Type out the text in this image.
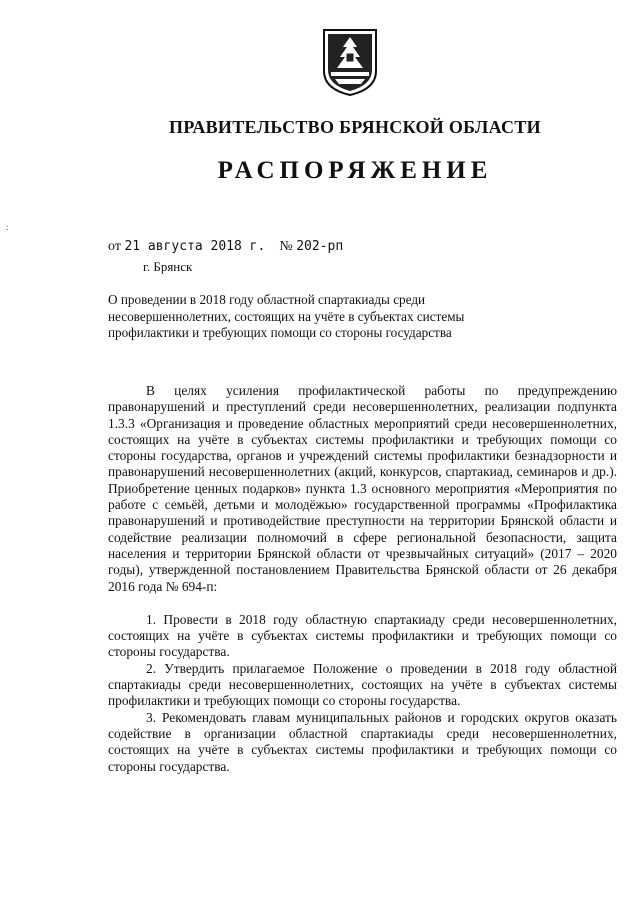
ПРАВИТЕЛЬСТВО БРЯНСКОЙ ОБЛАСТИ
РАСПОРЯЖЕНИЕ
:
от 21 августа 2018 г. № 202-рп
г. Брянск
О проведении в 2018 году областной спартакиады среди несовершеннолетних, состоящих на учёте в субъектах системы профилактики и требующих помощи со стороны государства

В целях усиления профилактической работы по предупреждению правонарушений и преступлений среди несовершеннолетних, реализации подпункта 1.3.3 «Организация и проведение областных мероприятий среди несовершеннолетних, состоящих на учёте в субъектах системы профилактики и требующих помощи со стороны государства, органов и учреждений системы профилактики безнадзорности и правонарушений несовершеннолетних (акций, конкурсов, спартакиад, семинаров и др.). Приобретение ценных подарков» пункта 1.3 основного мероприятия «Мероприятия по работе с семьёй, детьми и молодёжью» государственной программы «Профилактика правонарушений и противодействие преступности на территории Брянской области и содействие реализации полномочий в сфере региональной безопасности, защита населения и территории Брянской области от чрезвычайных ситуаций» (2017 – 2020 годы), утвержденной постановлением Правительства Брянской области от 26 декабря 2016 года № 694-п:

1. Провести в 2018 году областную спартакиаду среди несовершеннолетних, состоящих на учёте в субъектах системы профилактики и требующих помощи со стороны государства.

2. Утвердить прилагаемое Положение о проведении в 2018 году областной спартакиады среди несовершеннолетних, состоящих на учёте в субъектах системы профилактики и требующих помощи со стороны государства.

3. Рекомендовать главам муниципальных районов и городских округов оказать содействие в организации областной спартакиады среди несовершеннолетних, состоящих на учёте в субъектах системы профилактики и требующих помощи со стороны государства.
